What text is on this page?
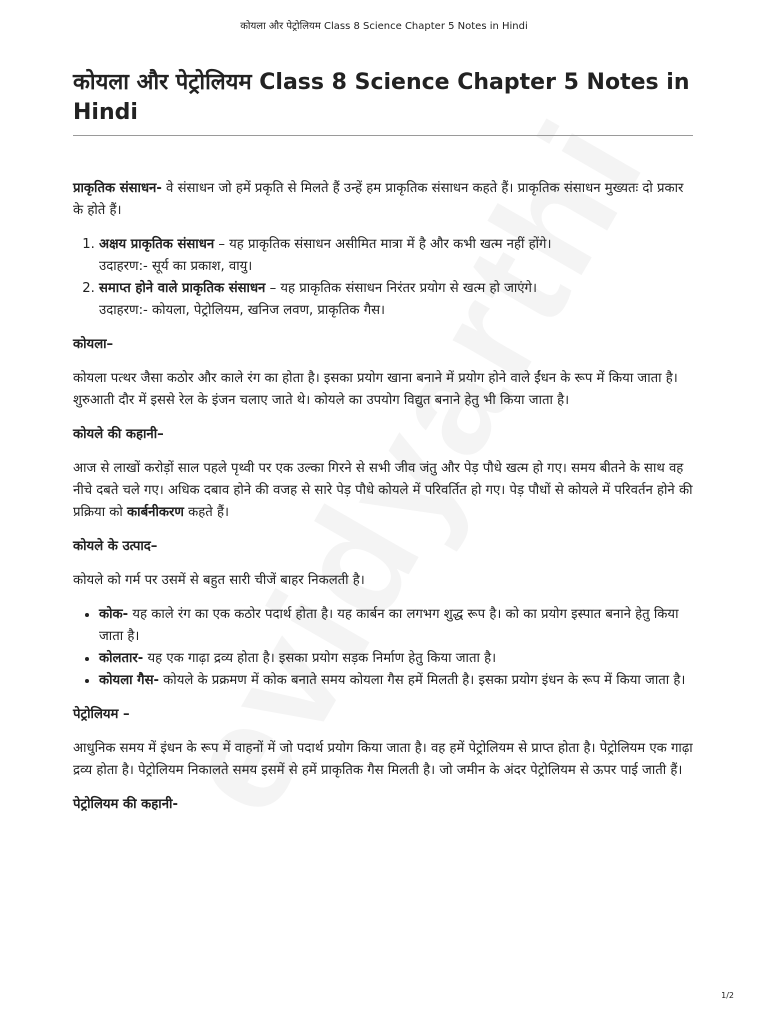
कोयला और पेट्रोलियम Class 8 Science Chapter 5 Notes in Hindi
कोयला और पेट्रोलियम Class 8 Science Chapter 5 Notes in Hindi

प्राकृतिक संसाधन- वे संसाधन जो हमें प्रकृति से मिलते हैं उन्हें हम प्राकृतिक संसाधन कहते हैं। प्राकृतिक संसाधन मुख्यतः दो प्रकार के होते हैं।

1. अक्षय प्राकृतिक संसाधन – यह प्राकृतिक संसाधन असीमित मात्रा में है और कभी खत्म नहीं होंगे।
उदाहरण:- सूर्य का प्रकाश, वायु।
2. समाप्त होने वाले प्राकृतिक संसाधन – यह प्राकृतिक संसाधन निरंतर प्रयोग से खत्म हो जाएंगे।
उदाहरण:- कोयला, पेट्रोलियम, खनिज लवण, प्राकृतिक गैस।
कोयला–

कोयला पत्थर जैसा कठोर और काले रंग का होता है। इसका प्रयोग खाना बनाने में प्रयोग होने वाले ईंधन के रूप में किया जाता है। शुरुआती दौर में इससे रेल के इंजन चलाए जाते थे। कोयले का उपयोग विद्युत बनाने हेतु भी किया जाता है।

कोयले की कहानी–

आज से लाखों करोड़ों साल पहले पृथ्वी पर एक उल्का गिरने से सभी जीव जंतु और पेड़ पौधे खत्म हो गए। समय बीतने के साथ वह नीचे दबते चले गए। अधिक दबाव होने की वजह से सारे पेड़ पौधे कोयले में परिवर्तित हो गए। पेड़ पौधों से कोयले में परिवर्तन होने की प्रक्रिया को कार्बनीकरण कहते हैं।

कोयले के उत्पाद–

कोयले को गर्म पर उसमें से बहुत सारी चीजें बाहर निकलती है।

• कोक- यह काले रंग का एक कठोर पदार्थ होता है। यह कार्बन का लगभग शुद्ध रूप है। को का प्रयोग इस्पात बनाने हेतु किया जाता है।
• कोलतार- यह एक गाढ़ा द्रव्य होता है। इसका प्रयोग सड़क निर्माण हेतु किया जाता है।
• कोयला गैस- कोयले के प्रक्रमण में कोक बनाते समय कोयला गैस हमें मिलती है। इसका प्रयोग इंधन के रूप में किया जाता है।
पेट्रोलियम –

आधुनिक समय में इंधन के रूप में वाहनों में जो पदार्थ प्रयोग किया जाता है। वह हमें पेट्रोलियम से प्राप्त होता है। पेट्रोलियम एक गाढ़ा द्रव्य होता है। पेट्रोलियम निकालते समय इसमें से हमें प्राकृतिक गैस मिलती है। जो जमीन के अंदर पेट्रोलियम से ऊपर पाई जाती हैं।

पेट्रोलियम की कहानी-
1/2
